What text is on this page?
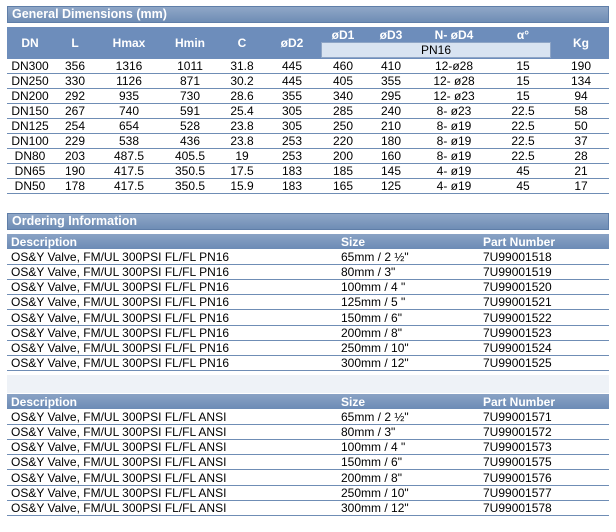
General Dimensions (mm)
DN	L	Hmax	Hmin	C	øD2	øD1	øD3	N- øD4	α°	Kg

						PN16				

DN300	356	1316	1011	31.8	445	460	410	12-ø28	15	190
DN250	330	1126	871	30.2	445	405	355	12- ø28	15	134
DN200	292	935	730	28.6	355	340	295	12- ø23	15	94
DN150	267	740	591	25.4	305	285	240	8- ø23	22.5	58
DN125	254	654	528	23.8	305	250	210	8- ø19	22.5	50
DN100	229	538	436	23.8	253	220	180	8- ø19	22.5	37
DN80	203	487.5	405.5	19	253	200	160	8- ø19	22.5	28
DN65	190	417.5	350.5	17.5	183	185	145	4- ø19	45	21
DN50	178	417.5	350.5	15.9	183	165	125	4- ø19	45	17
Ordering Information
Description	Size	Part Number
OS&Y Valve, FM/UL 300PSI FL/FL PN16	65mm / 2 ½"	7U99001518
OS&Y Valve, FM/UL 300PSI FL/FL PN16	80mm / 3"	7U99001519
OS&Y Valve, FM/UL 300PSI FL/FL PN16	100mm / 4 "	7U99001520
OS&Y Valve, FM/UL 300PSI FL/FL PN16	125mm / 5 "	7U99001521
OS&Y Valve, FM/UL 300PSI FL/FL PN16	150mm / 6"	7U99001522
OS&Y Valve, FM/UL 300PSI FL/FL PN16	200mm / 8"	7U99001523
OS&Y Valve, FM/UL 300PSI FL/FL PN16	250mm / 10"	7U99001524
OS&Y Valve, FM/UL 300PSI FL/FL PN16	300mm / 12"	7U99001525
Description	Size	Part Number
OS&Y Valve, FM/UL 300PSI FL/FL ANSI	65mm / 2 ½"	7U99001571
OS&Y Valve, FM/UL 300PSI FL/FL ANSI	80mm / 3"	7U99001572
OS&Y Valve, FM/UL 300PSI FL/FL ANSI	100mm / 4 "	7U99001573
OS&Y Valve, FM/UL 300PSI FL/FL ANSI	150mm / 6"	7U99001575
OS&Y Valve, FM/UL 300PSI FL/FL ANSI	200mm / 8"	7U99001576
OS&Y Valve, FM/UL 300PSI FL/FL ANSI	250mm / 10"	7U99001577
OS&Y Valve, FM/UL 300PSI FL/FL ANSI	300mm / 12"	7U99001578
